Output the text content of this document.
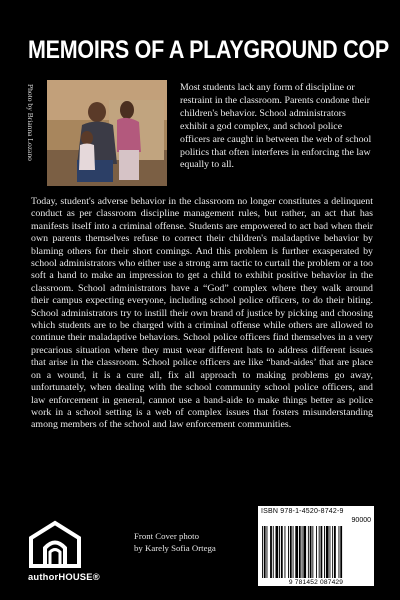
MEMOIRS OF A PLAYGROUND COP
Photo by Brianna Lozano	Most students lack any form of discipline or restraint in the classroom. Parents condone their children's behavior. School administrators exhibit a god complex, and school police officers are caught in between the web of school politics that often interferes in enforcing the law equally to all.
Today, student's adverse behavior in the classroom no longer constitutes a delinquent conduct as per classroom discipline management rules, but rather, an act that has manifests itself into a criminal offense. Students are empowered to act bad when their own parents themselves refuse to correct their children's maladaptive behavior by blaming others for their short comings. And this problem is further exasperated by school administrators who either use a strong arm tactic to curtail the problem or a too soft a hand to make an impression to get a child to exhibit positive behavior in the classroom. School administrators have a “God” complex where they walk around their campus expecting everyone, including school police officers, to do their biting. School administrators try to instill their own brand of justice by picking and choosing which students are to be charged with a criminal offense while others are allowed to continue their maladaptive behaviors. School police officers find themselves in a very precarious situation where they must wear different hats to address different issues that arise in the classroom. School police officers are like “band-aides’ that are place on a wound, it is a cure all, fix all approach to making problems go away, unfortunately, when dealing with the school community school police officers, and law enforcement in general, cannot use a band-aide to make things better as police work in a school setting is a web of complex issues that fosters misunderstanding among members of the school and law enforcement communities.
authorHOUSE®
Front Cover photo
by Karely Sofia Ortega
ISBN 978-1-4520-8742-9
90000
9 781452 087429
